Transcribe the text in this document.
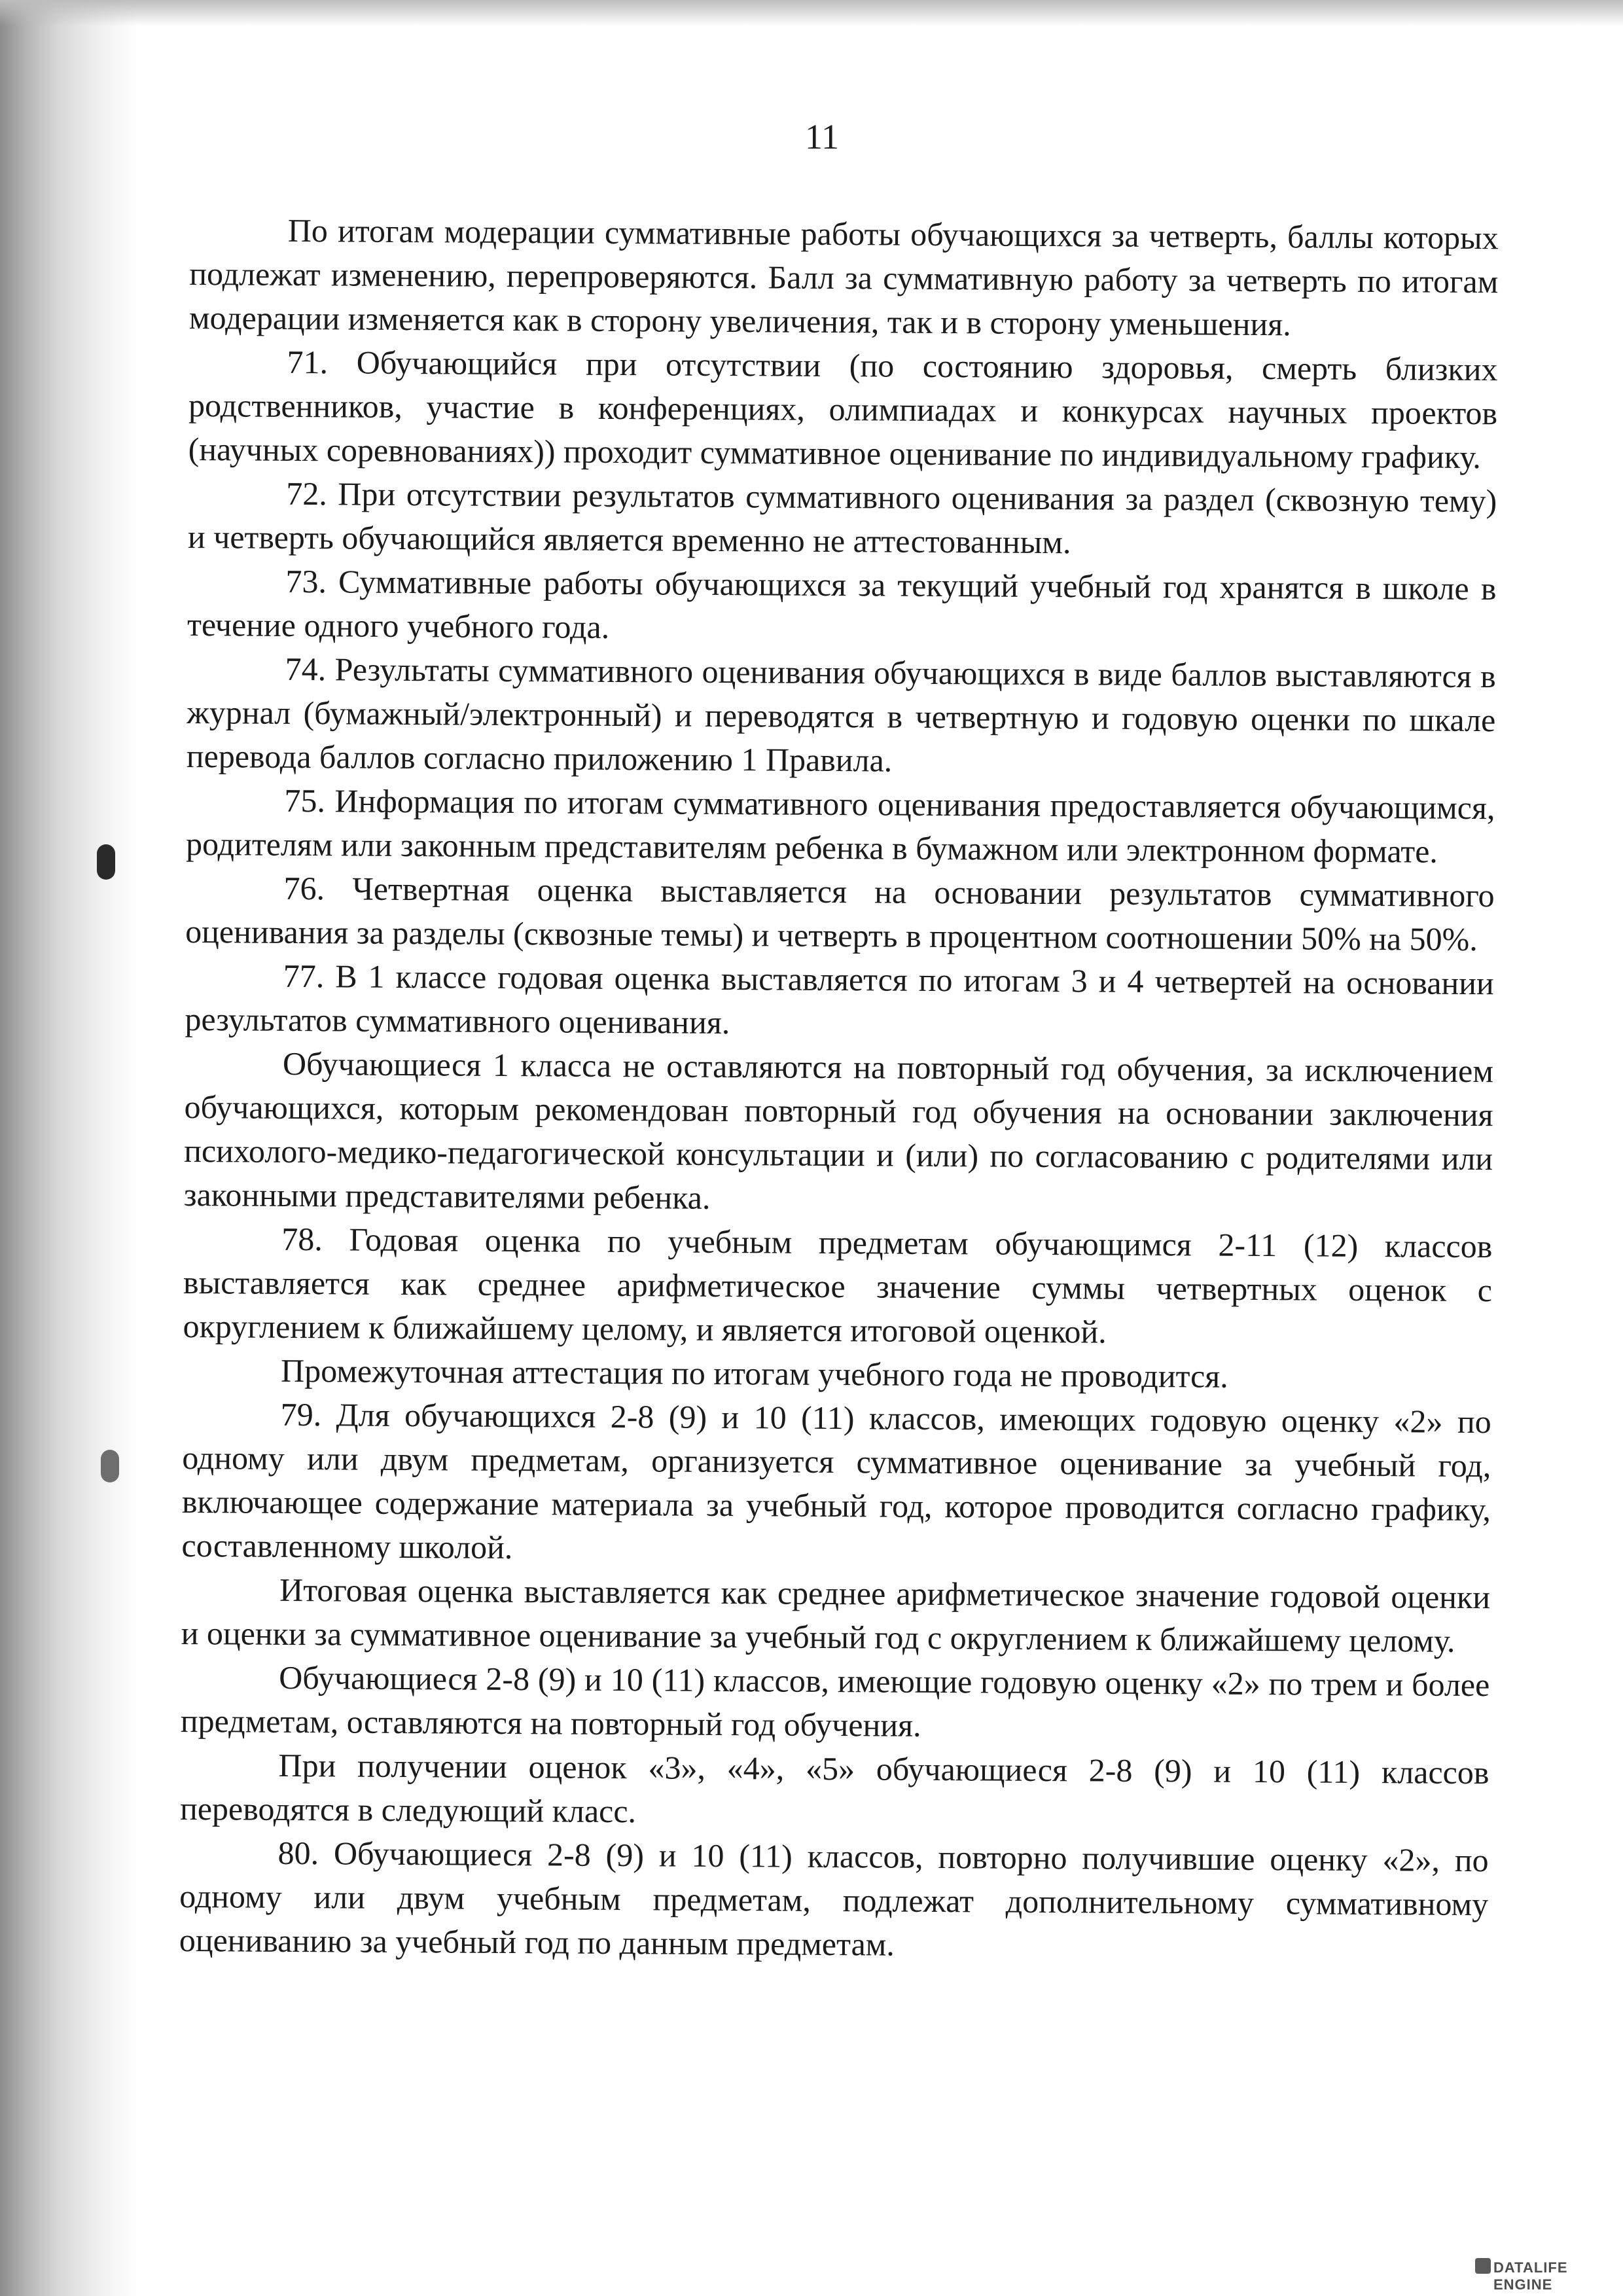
11

По итогам модерации суммативные работы обучающихся за четверть, баллы которых подлежат изменению, перепроверяются. Балл за суммативную работу за четверть по итогам модерации изменяется как в сторону увеличения, так и в сторону уменьшения.

71. Обучающийся при отсутствии (по состоянию здоровья, смерть близких родственников, участие в конференциях, олимпиадах и конкурсах научных проектов (научных соревнованиях)) проходит суммативное оценивание по индивидуальному графику.

72. При отсутствии результатов суммативного оценивания за раздел (сквозную тему) и четверть обучающийся является временно не аттестованным.

73. Суммативные работы обучающихся за текущий учебный год хранятся в школе в течение одного учебного года.

74. Результаты суммативного оценивания обучающихся в виде баллов выставляются в журнал (бумажный/электронный) и переводятся в четвертную и годовую оценки по шкале перевода баллов согласно приложению 1 Правила.

75. Информация по итогам суммативного оценивания предоставляется обучающимся, родителям или законным представителям ребенка в бумажном или электронном формате.

76. Четвертная оценка выставляется на основании результатов суммативного оценивания за разделы (сквозные темы) и четверть в процентном соотношении 50% на 50%.

77. В 1 классе годовая оценка выставляется по итогам 3 и 4 четвертей на основании результатов суммативного оценивания.

Обучающиеся 1 класса не оставляются на повторный год обучения, за исключением обучающихся, которым рекомендован повторный год обучения на основании заключения психолого-медико-педагогической консультации и (или) по согласованию с родителями или законными представителями ребенка.

78. Годовая оценка по учебным предметам обучающимся 2-11 (12) классов выставляется как среднее арифметическое значение суммы четвертных оценок с округлением к ближайшему целому, и является итоговой оценкой.

Промежуточная аттестация по итогам учебного года не проводится.

79. Для обучающихся 2-8 (9) и 10 (11) классов, имеющих годовую оценку «2» по одному или двум предметам, организуется суммативное оценивание за учебный год, включающее содержание материала за учебный год, которое проводится согласно графику, составленному школой.

Итоговая оценка выставляется как среднее арифметическое значение годовой оценки и оценки за суммативное оценивание за учебный год с округлением к ближайшему целому.

Обучающиеся 2-8 (9) и 10 (11) классов, имеющие годовую оценку «2» по трем и более предметам, оставляются на повторный год обучения.

При получении оценок «3», «4», «5» обучающиеся 2-8 (9) и 10 (11) классов переводятся в следующий класс.

80. Обучающиеся 2-8 (9) и 10 (11) классов, повторно получившие оценку «2», по одному или двум учебным предметам, подлежат дополнительному суммативному оцениванию за учебный год по данным предметам.

DATALIFE ENGINE
